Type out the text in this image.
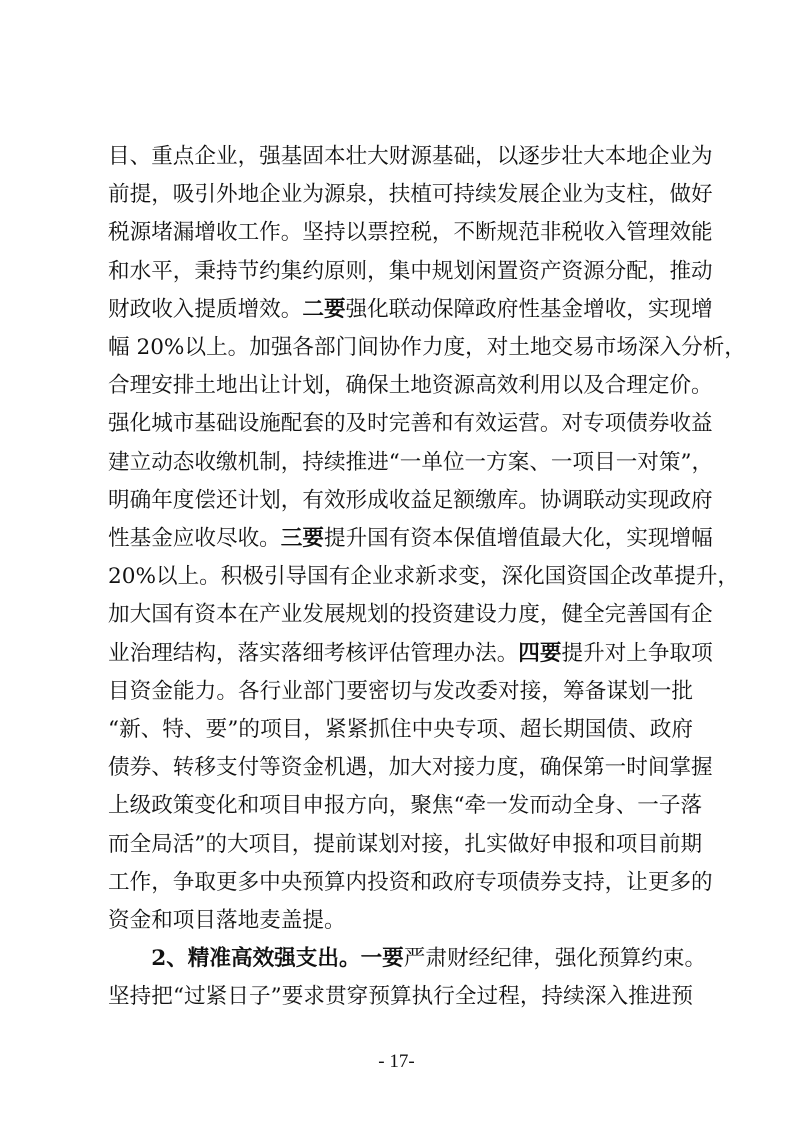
目、重点企业，强基固本壮大财源基础，以逐步壮大本地企业为
前提，吸引外地企业为源泉，扶植可持续发展企业为支柱，做好
税源堵漏增收工作。坚持以票控税，不断规范非税收入管理效能
和水平，秉持节约集约原则，集中规划闲置资产资源分配，推动
财政收入提质增效。二要强化联动保障政府性基金增收，实现增
幅 20%以上。加强各部门间协作力度，对土地交易市场深入分析，
合理安排土地出让计划，确保土地资源高效利用以及合理定价。
强化城市基础设施配套的及时完善和有效运营。对专项债券收益
建立动态收缴机制，持续推进“一单位一方案、一项目一对策”，
明确年度偿还计划，有效形成收益足额缴库。协调联动实现政府
性基金应收尽收。三要提升国有资本保值增值最大化，实现增幅
20%以上。积极引导国有企业求新求变，深化国资国企改革提升，
加大国有资本在产业发展规划的投资建设力度，健全完善国有企
业治理结构，落实落细考核评估管理办法。四要提升对上争取项
目资金能力。各行业部门要密切与发改委对接，筹备谋划一批
“新、特、要”的项目，紧紧抓住中央专项、超长期国债、政府
债券、转移支付等资金机遇，加大对接力度，确保第一时间掌握
上级政策变化和项目申报方向，聚焦“牵一发而动全身、一子落
而全局活”的大项目，提前谋划对接，扎实做好申报和项目前期
工作，争取更多中央预算内投资和政府专项债券支持，让更多的
资金和项目落地麦盖提。
　　2、精准高效强支出。一要严肃财经纪律，强化预算约束。
坚持把“过紧日子”要求贯穿预算执行全过程，持续深入推进预
- 17-
